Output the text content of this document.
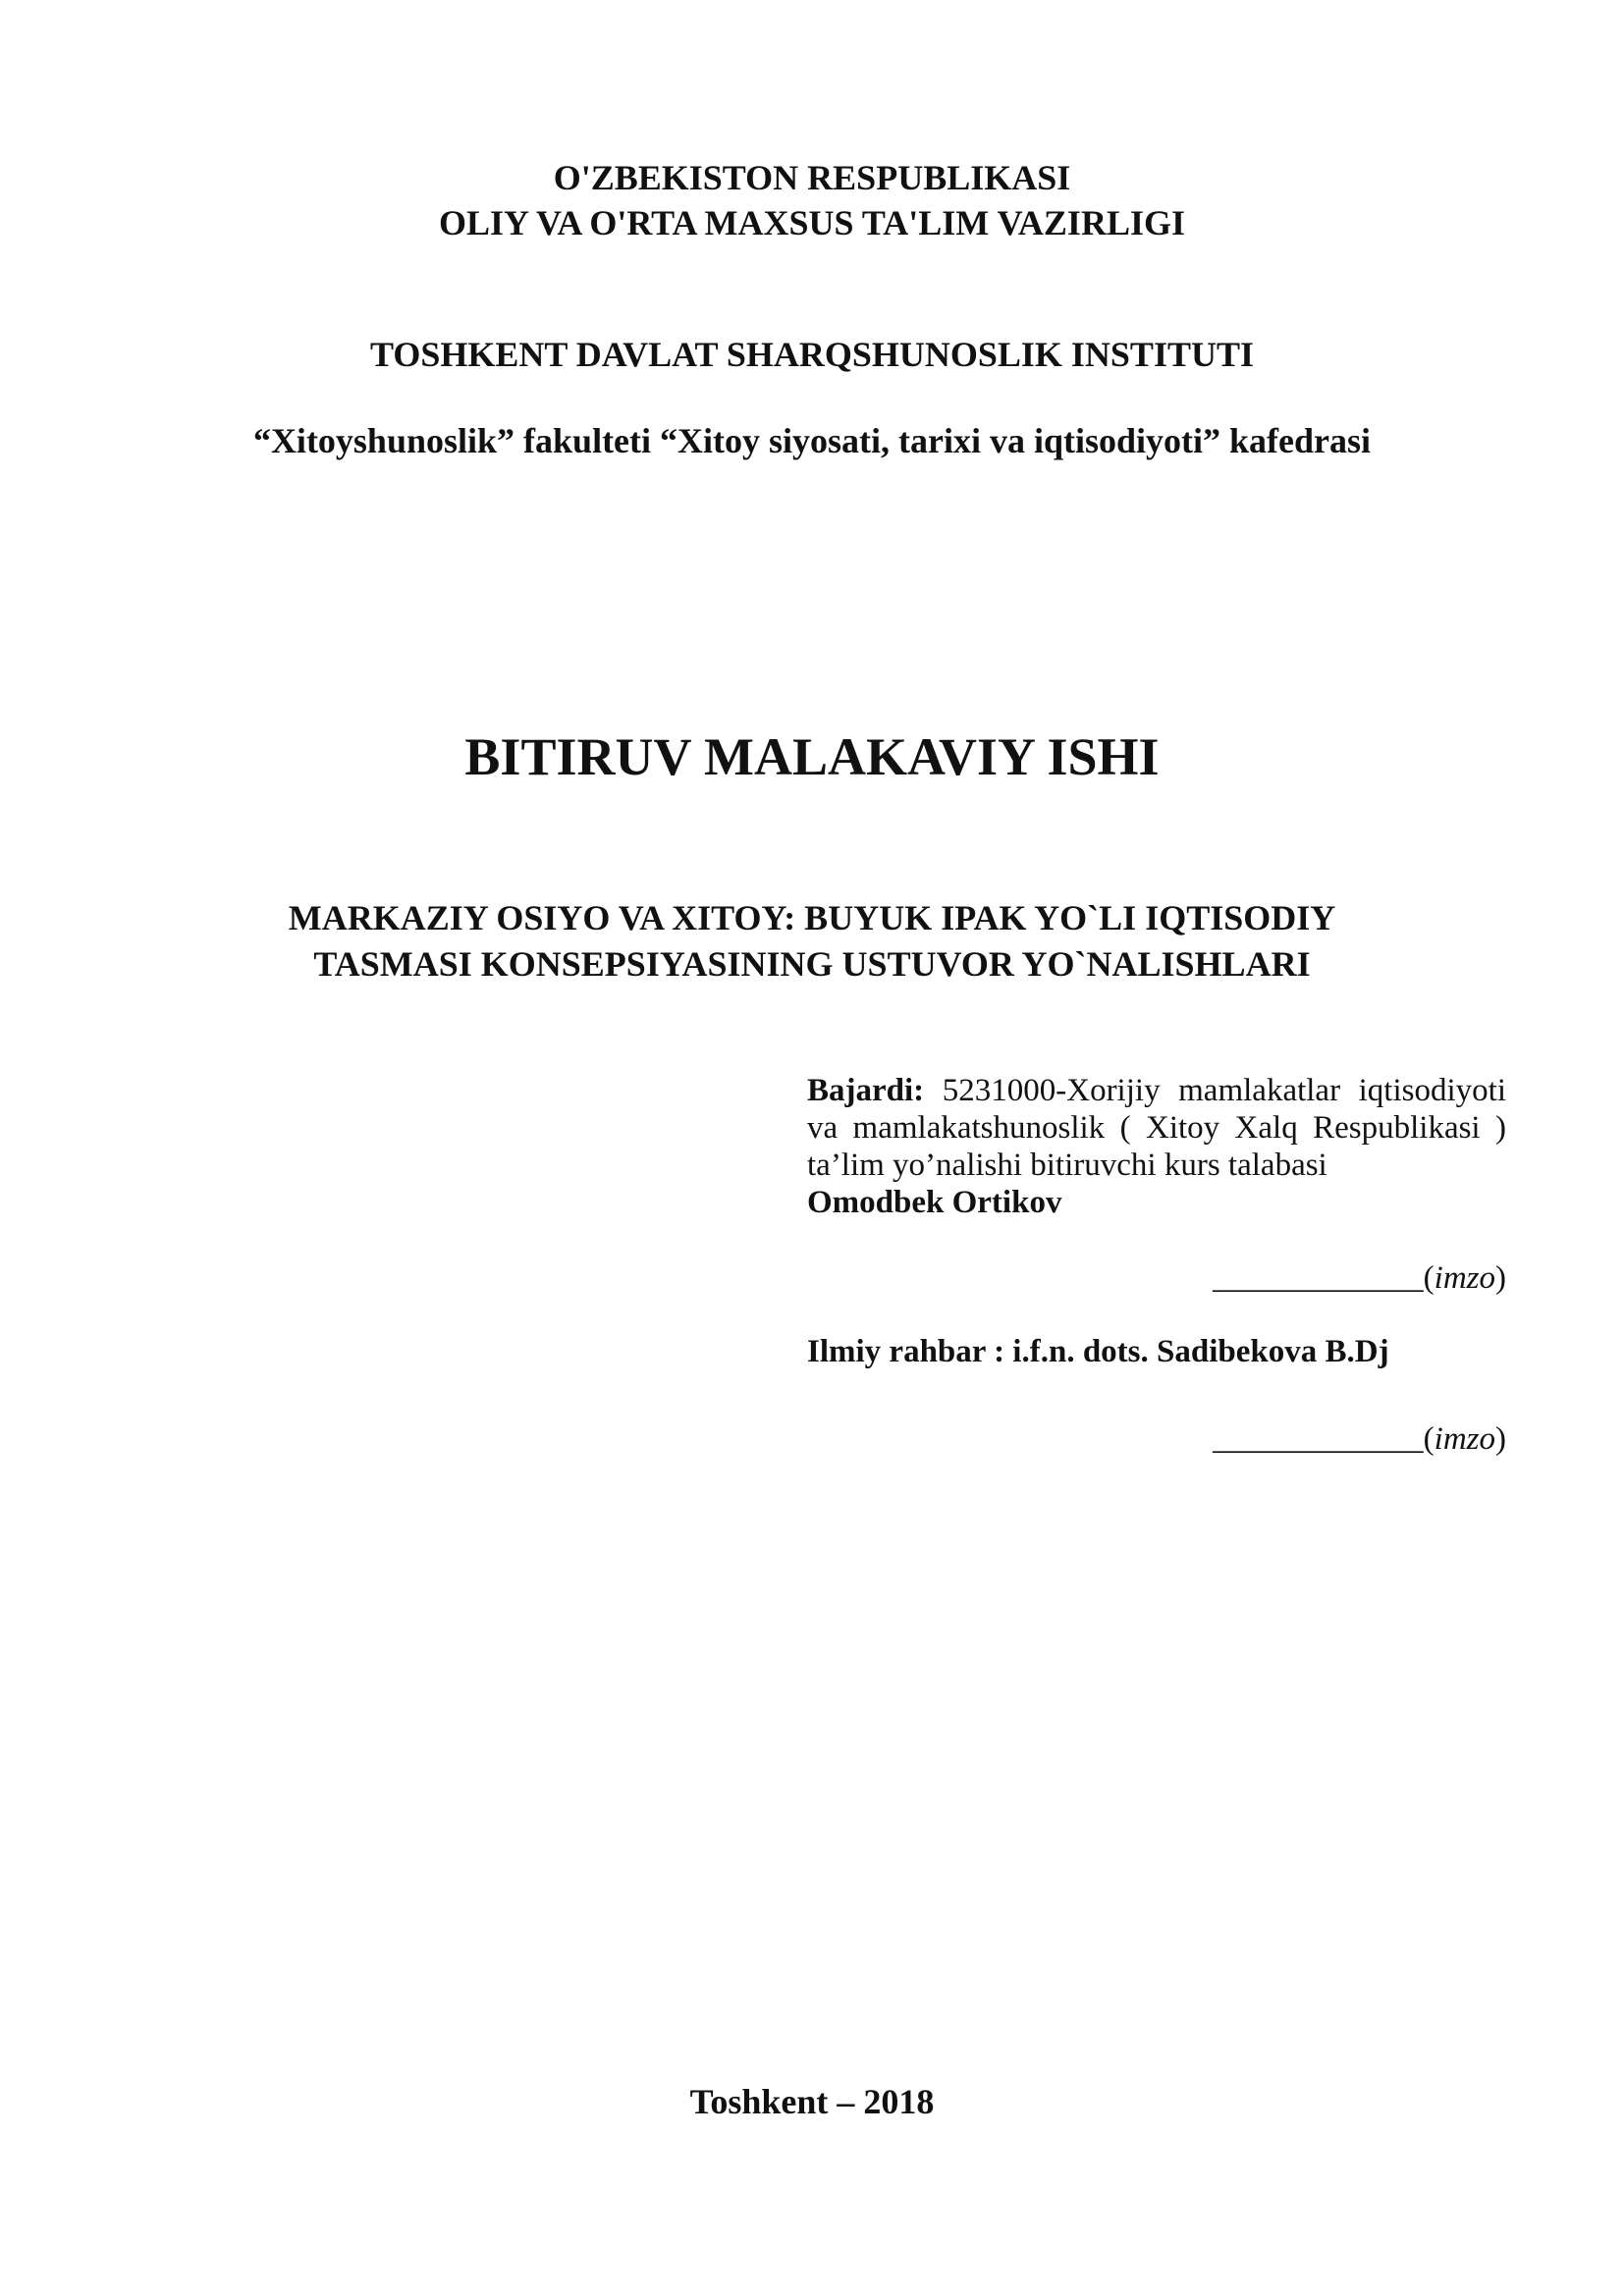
O'ZBEKISTON RESPUBLIKASI
OLIY VA O'RTA MAXSUS TA'LIM VAZIRLIGI
TOSHKENT DAVLAT SHARQSHUNOSLIK INSTITUTI
“Xitoyshunoslik” fakulteti “Xitoy siyosati, tarixi va iqtisodiyoti” kafedrasi
BITIRUV MALAKAVIY ISHI
MARKAZIY OSIYO VA XITOY: BUYUK IPAK YO`LI IQTISODIY
TASMASI KONSEPSIYASINING USTUVOR YO`NALISHLARI
Bajardi: 5231000-Xorijiy mamlakatlar iqtisodiyoti
va mamlakatshunoslik ( Xitoy Xalq Respublikasi )
ta’lim yo’nalishi bitiruvchi kurs talabasi
Omodbek Ortikov
_____________(imzo)
Ilmiy rahbar : i.f.n. dots. Sadibekova B.Dj
_____________(imzo)
Toshkent – 2018
